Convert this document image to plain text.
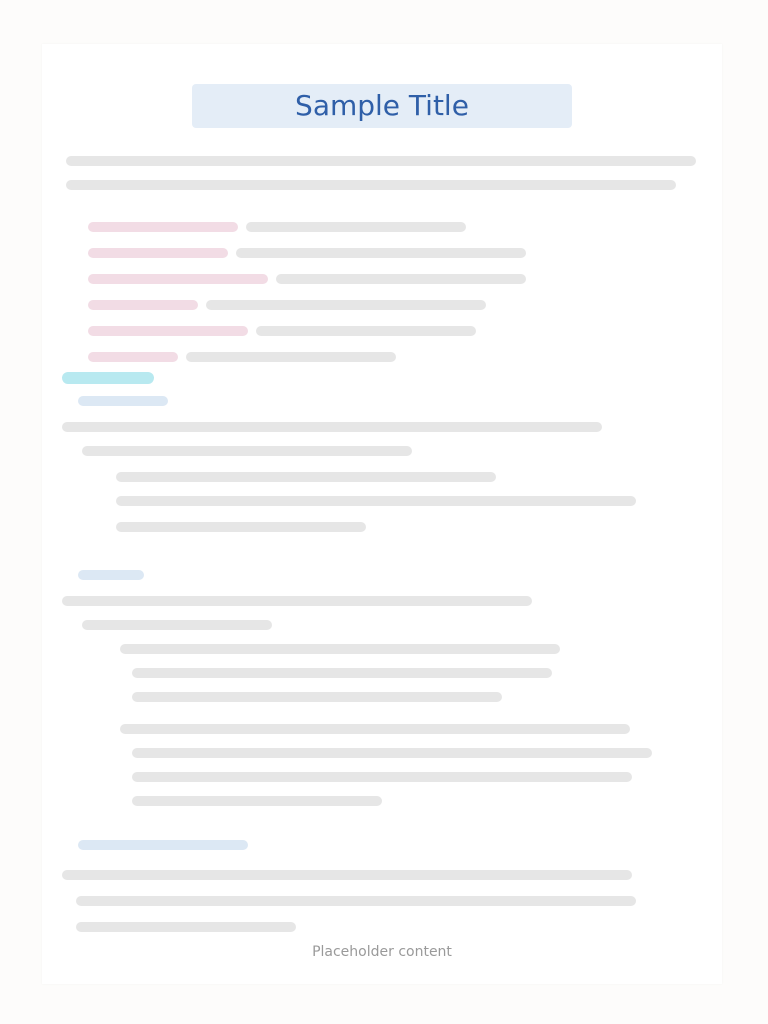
Sample Title
Placeholder content
